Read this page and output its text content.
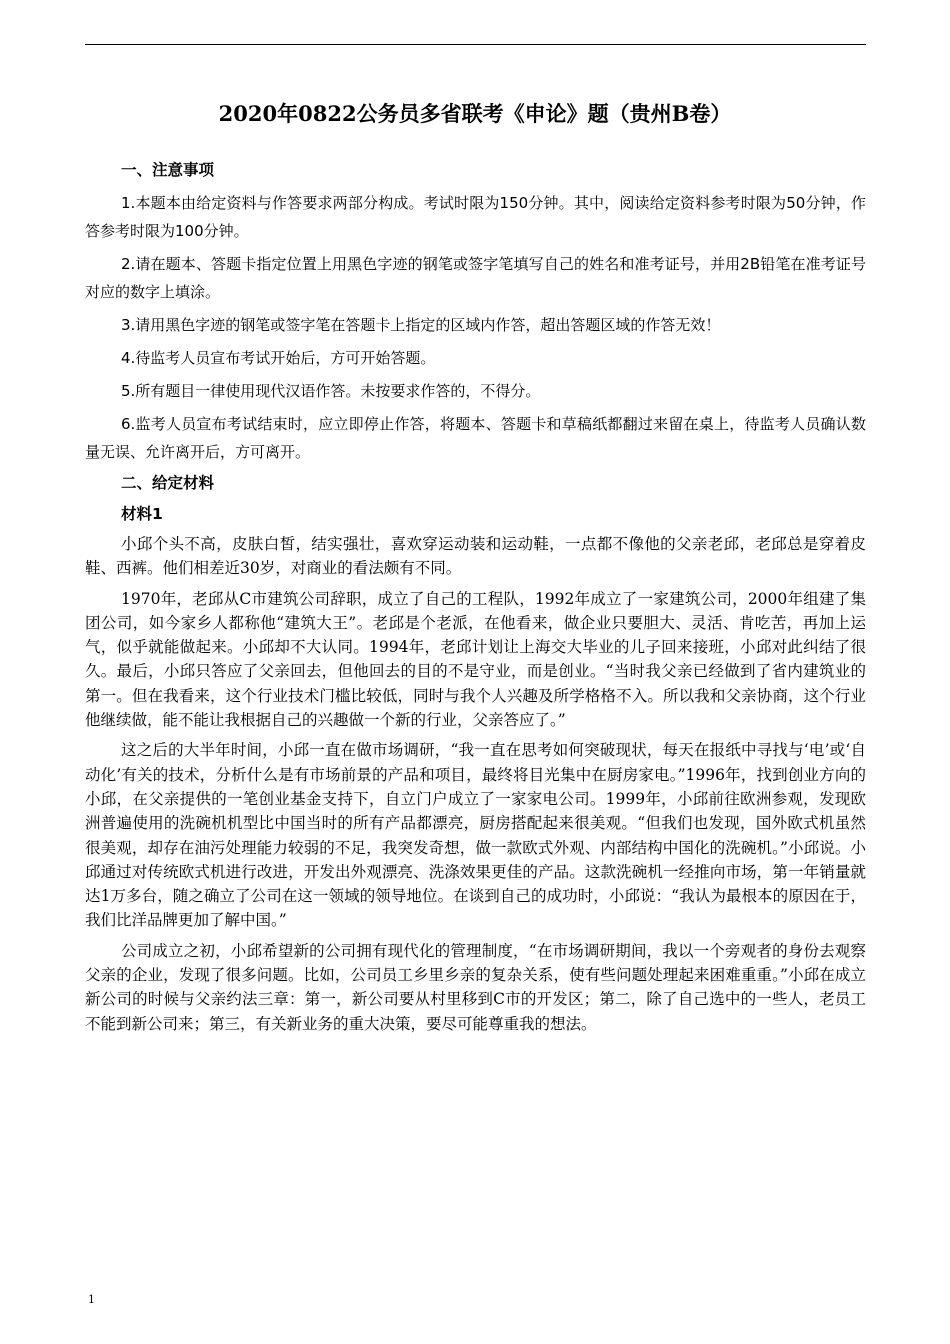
2020年0822公务员多省联考《申论》题（贵州B卷）
一、注意事项

1.本题本由给定资料与作答要求两部分构成。考试时限为150分钟。其中，阅读给定资料参考时限为50分钟，作答参考时限为100分钟。

2.请在题本、答题卡指定位置上用黑色字迹的钢笔或签字笔填写自己的姓名和准考证号，并用2B铅笔在准考证号对应的数字上填涂。

3.请用黑色字迹的钢笔或签字笔在答题卡上指定的区域内作答，超出答题区域的作答无效！

4.待监考人员宣布考试开始后，方可开始答题。

5.所有题目一律使用现代汉语作答。未按要求作答的，不得分。

6.监考人员宣布考试结束时，应立即停止作答，将题本、答题卡和草稿纸都翻过来留在桌上，待监考人员确认数量无误、允许离开后，方可离开。

二、给定材料
材料1

小邱个头不高，皮肤白皙，结实强壮，喜欢穿运动装和运动鞋，一点都不像他的父亲老邱，老邱总是穿着皮鞋、西裤。他们相差近30岁，对商业的看法颇有不同。

1970年，老邱从C市建筑公司辞职，成立了自己的工程队，1992年成立了一家建筑公司，2000年组建了集团公司，如今家乡人都称他“建筑大王”。老邱是个老派，在他看来，做企业只要胆大、灵活、肯吃苦，再加上运气，似乎就能做起来。小邱却不大认同。1994年，老邱计划让上海交大毕业的儿子回来接班，小邱对此纠结了很久。最后，小邱只答应了父亲回去，但他回去的目的不是守业，而是创业。“当时我父亲已经做到了省内建筑业的第一。但在我看来，这个行业技术门槛比较低，同时与我个人兴趣及所学格格不入。所以我和父亲协商，这个行业他继续做，能不能让我根据自己的兴趣做一个新的行业，父亲答应了。”

这之后的大半年时间，小邱一直在做市场调研，“我一直在思考如何突破现状，每天在报纸中寻找与‘电’或‘自动化’有关的技术，分析什么是有市场前景的产品和项目，最终将目光集中在厨房家电。”1996年，找到创业方向的小邱，在父亲提供的一笔创业基金支持下，自立门户成立了一家家电公司。1999年，小邱前往欧洲参观，发现欧洲普遍使用的洗碗机机型比中国当时的所有产品都漂亮，厨房搭配起来很美观。“但我们也发现，国外欧式机虽然很美观，却存在油污处理能力较弱的不足，我突发奇想，做一款欧式外观、内部结构中国化的洗碗机。”小邱说。小邱通过对传统欧式机进行改进，开发出外观漂亮、洗涤效果更佳的产品。这款洗碗机一经推向市场，第一年销量就达1万多台，随之确立了公司在这一领域的领导地位。在谈到自己的成功时，小邱说：“我认为最根本的原因在于，我们比洋品牌更加了解中国。”

公司成立之初，小邱希望新的公司拥有现代化的管理制度，“在市场调研期间，我以一个旁观者的身份去观察父亲的企业，发现了很多问题。比如，公司员工乡里乡亲的复杂关系，使有些问题处理起来困难重重。”小邱在成立新公司的时候与父亲约法三章：第一，新公司要从村里移到C市的开发区；第二，除了自己选中的一些人，老员工不能到新公司来；第三，有关新业务的重大决策，要尽可能尊重我的想法。

1
